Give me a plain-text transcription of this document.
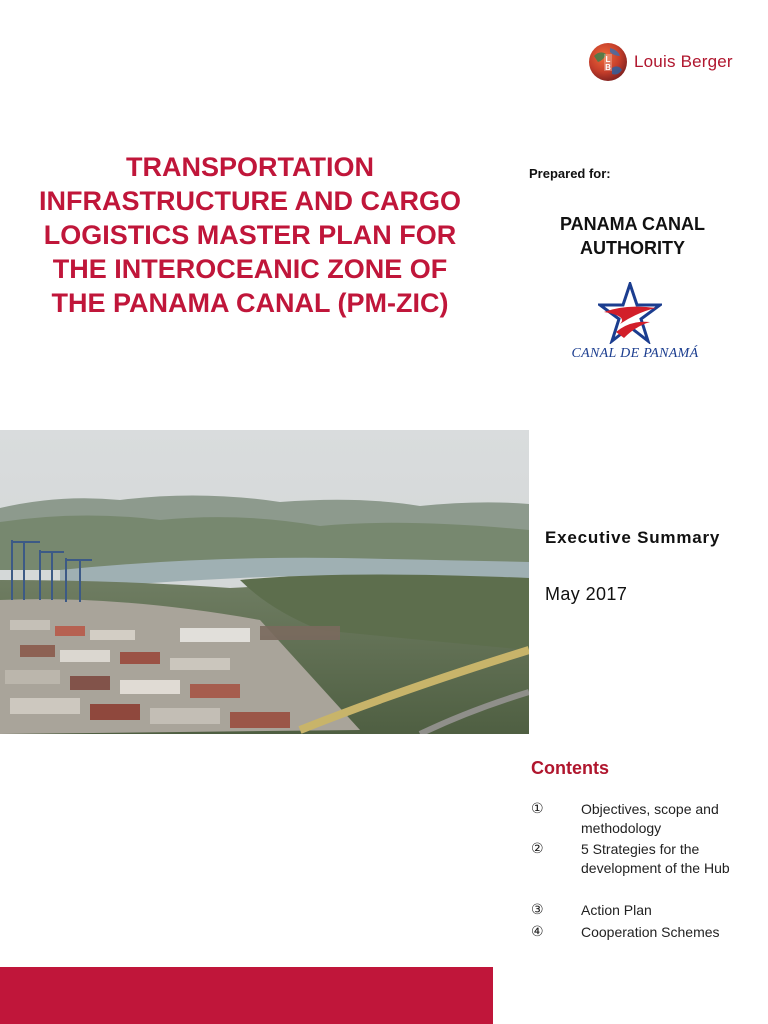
L
B Louis Berger
TRANSPORTATION INFRASTRUCTURE AND CARGO LOGISTICS MASTER PLAN FOR THE INTEROCEANIC ZONE OF THE PANAMA CANAL (PM-ZIC)
Prepared for:
PANAMA CANAL
AUTHORITY
CANAL DE PANAMÁ
Executive Summary
May 2017
Contents
①	Objectives, scope and methodology
②	5 Strategies for the development of the Hub
③	Action Plan
④	Cooperation Schemes
